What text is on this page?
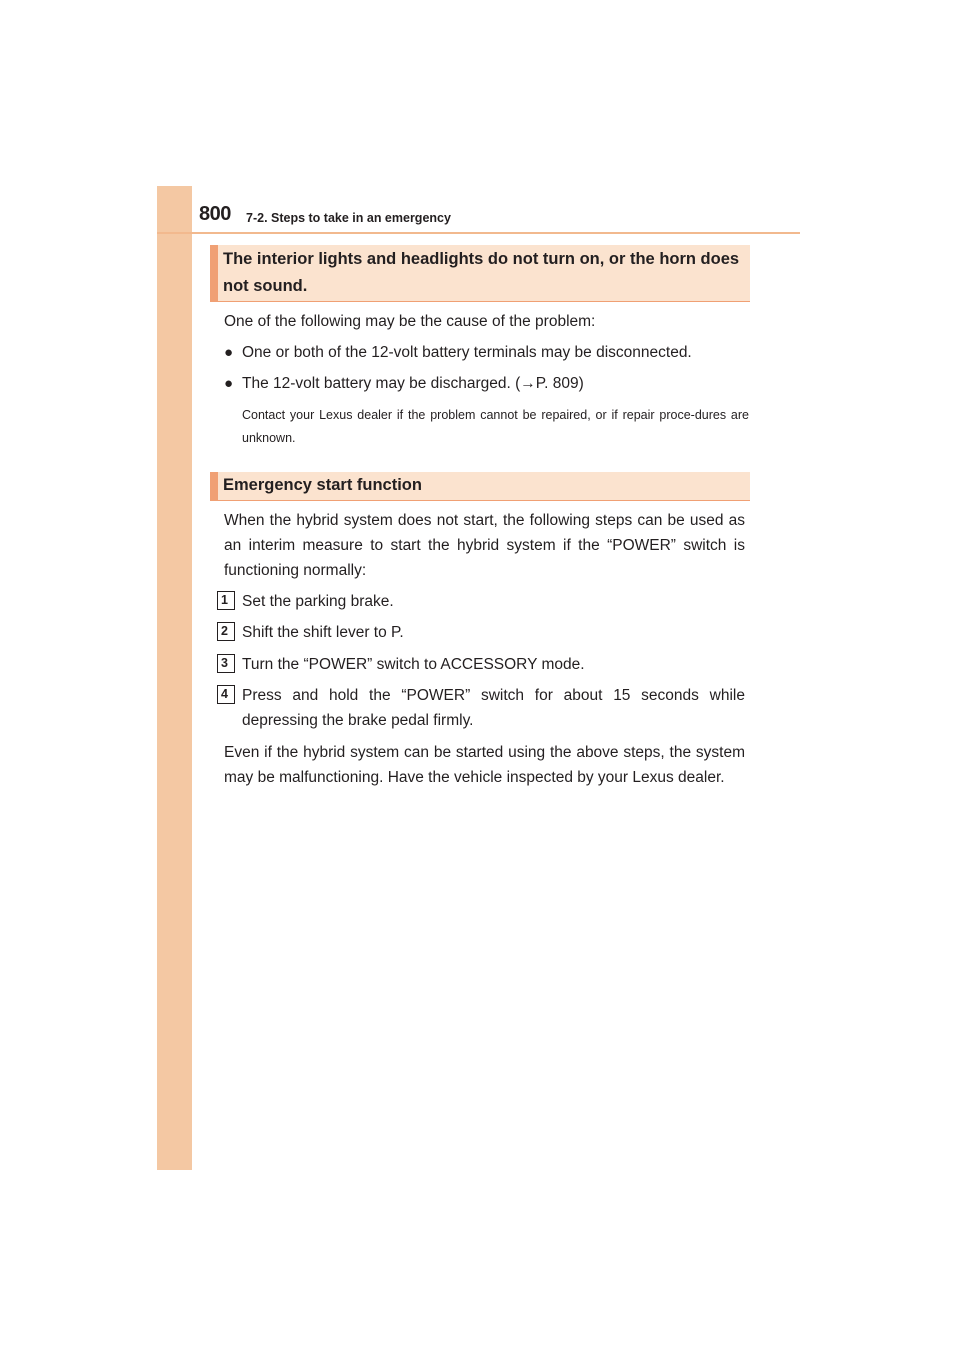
800 7-2. Steps to take in an emergency
The interior lights and headlights do not turn on, or the horn does
not sound.

One of the following may be the cause of the problem:

● One or both of the 12-volt battery terminals may be disconnected.
● The 12-volt battery may be discharged. (→P. 809)

Contact your Lexus dealer if the problem cannot be repaired, or if repair proce-dures are unknown.

Emergency start function

When the hybrid system does not start, the following steps can be used as an interim measure to start the hybrid system if the “POWER” switch is functioning normally:

1 Set the parking brake.
2 Shift the shift lever to P.
3 Turn the “POWER” switch to ACCESSORY mode.
4 Press and hold the “POWER” switch for about 15 seconds while depressing the brake pedal firmly.

Even if the hybrid system can be started using the above steps, the system may be malfunctioning. Have the vehicle inspected by your Lexus dealer.
